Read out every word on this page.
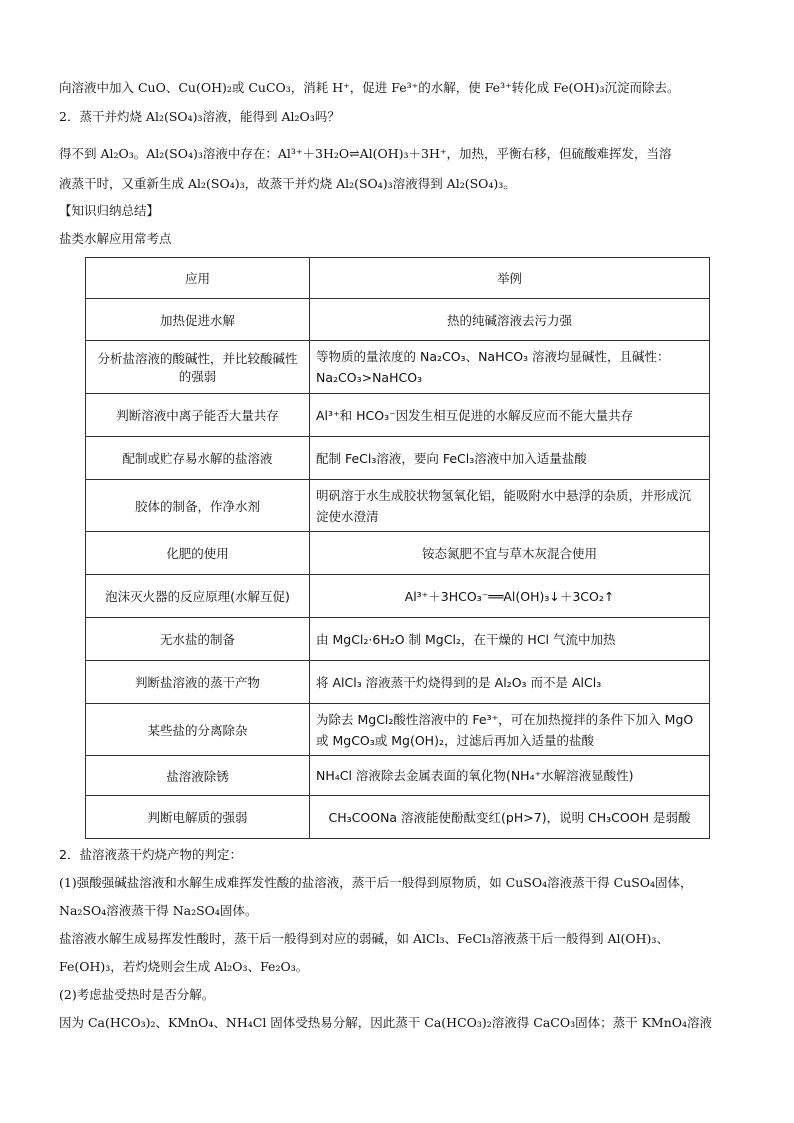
向溶液中加入 CuO、Cu(OH)₂或 CuCO₃，消耗 H⁺，促进 Fe³⁺的水解，使 Fe³⁺转化成 Fe(OH)₃沉淀而除去。
2．蒸干并灼烧 Al₂(SO₄)₃溶液，能得到 Al₂O₃吗？
得不到 Al₂O₃。Al₂(SO₄)₃溶液中存在：Al³⁺＋3H₂O⇌Al(OH)₃＋3H⁺，加热，平衡右移，但硫酸难挥发，当溶
液蒸干时，又重新生成 Al₂(SO₄)₃，故蒸干并灼烧 Al₂(SO₄)₃溶液得到 Al₂(SO₄)₃。
【知识归纳总结】
盐类水解应用常考点
应用	举例
加热促进水解	热的纯碱溶液去污力强
分析盐溶液的酸碱性，并比较酸碱性的强弱	等物质的量浓度的 Na₂CO₃、NaHCO₃ 溶液均显碱性，且碱性：Na₂CO₃>NaHCO₃
判断溶液中离子能否大量共存	Al³⁺和 HCO₃⁻因发生相互促进的水解反应而不能大量共存
配制或贮存易水解的盐溶液	配制 FeCl₃溶液，要向 FeCl₃溶液中加入适量盐酸
胶体的制备，作净水剂	明矾溶于水生成胶状物氢氧化铝，能吸附水中悬浮的杂质，并形成沉淀使水澄清
化肥的使用	铵态氮肥不宜与草木灰混合使用
泡沫灭火器的反应原理(水解互促)	Al³⁺＋3HCO₃⁻══Al(OH)₃↓＋3CO₂↑
无水盐的制备	由 MgCl₂·6H₂O 制 MgCl₂，在干燥的 HCl 气流中加热
判断盐溶液的蒸干产物	将 AlCl₃ 溶液蒸干灼烧得到的是 Al₂O₃ 而不是 AlCl₃
某些盐的分离除杂	为除去 MgCl₂酸性溶液中的 Fe³⁺，可在加热搅拌的条件下加入 MgO 或 MgCO₃或 Mg(OH)₂，过滤后再加入适量的盐酸
盐溶液除锈	NH₄Cl 溶液除去金属表面的氧化物(NH₄⁺水解溶液显酸性)
判断电解质的强弱	CH₃COONa 溶液能使酚酞变红(pH>7)，说明 CH₃COOH 是弱酸
2．盐溶液蒸干灼烧产物的判定：
(1)强酸强碱盐溶液和水解生成难挥发性酸的盐溶液，蒸干后一般得到原物质，如 CuSO₄溶液蒸干得 CuSO₄固体，
Na₂SO₄溶液蒸干得 Na₂SO₄固体。
盐溶液水解生成易挥发性酸时，蒸干后一般得到对应的弱碱，如 AlCl₃、FeCl₃溶液蒸干后一般得到 Al(OH)₃、
Fe(OH)₃，若灼烧则会生成 Al₂O₃、Fe₂O₃。
(2)考虑盐受热时是否分解。
因为 Ca(HCO₃)₂、KMnO₄、NH₄Cl 固体受热易分解，因此蒸干 Ca(HCO₃)₂溶液得 CaCO₃固体；蒸干 KMnO₄溶液
